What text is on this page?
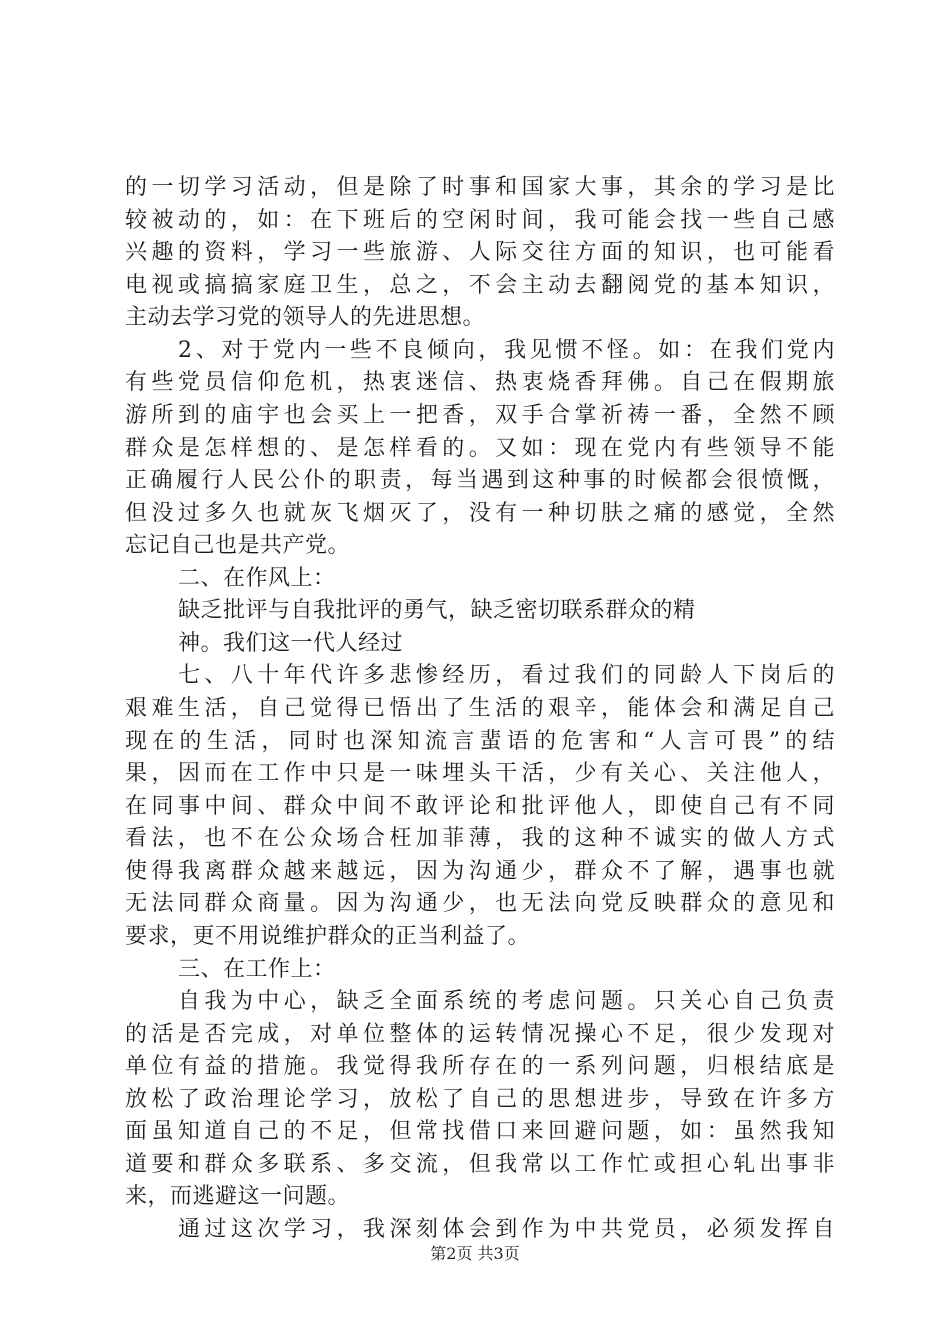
的一切学习活动，但是除了时事和国家大事，其余的学习是比
较被动的，如：在下班后的空闲时间，我可能会找一些自己感
兴趣的资料，学习一些旅游、人际交往方面的知识，也可能看
电视或搞搞家庭卫生，总之，不会主动去翻阅党的基本知识，
主动去学习党的领导人的先进思想。
2、对于党内一些不良倾向，我见惯不怪。如：在我们党内
有些党员信仰危机，热衷迷信、热衷烧香拜佛。自己在假期旅
游所到的庙宇也会买上一把香，双手合掌祈祷一番，全然不顾
群众是怎样想的、是怎样看的。又如：现在党内有些领导不能
正确履行人民公仆的职责，每当遇到这种事的时候都会很愤慨，
但没过多久也就灰飞烟灭了，没有一种切肤之痛的感觉，全然
忘记自己也是共产党。
二、在作风上：
缺乏批评与自我批评的勇气，缺乏密切联系群众的精
神。我们这一代人经过
七、八十年代许多悲惨经历，看过我们的同龄人下岗后的
艰难生活，自己觉得已悟出了生活的艰辛，能体会和满足自己
现在的生活，同时也深知流言蜚语的危害和“人言可畏”的结
果，因而在工作中只是一味埋头干活，少有关心、关注他人，
在同事中间、群众中间不敢评论和批评他人，即使自己有不同
看法，也不在公众场合枉加菲薄，我的这种不诚实的做人方式
使得我离群众越来越远，因为沟通少，群众不了解，遇事也就
无法同群众商量。因为沟通少，也无法向党反映群众的意见和
要求，更不用说维护群众的正当利益了。
三、在工作上：
自我为中心，缺乏全面系统的考虑问题。只关心自己负责
的活是否完成，对单位整体的运转情况操心不足，很少发现对
单位有益的措施。我觉得我所存在的一系列问题，归根结底是
放松了政治理论学习，放松了自己的思想进步，导致在许多方
面虽知道自己的不足，但常找借口来回避问题，如：虽然我知
道要和群众多联系、多交流，但我常以工作忙或担心轧出事非
来，而逃避这一问题。
通过这次学习，我深刻体会到作为中共党员，必须发挥自
第2页 共3页
